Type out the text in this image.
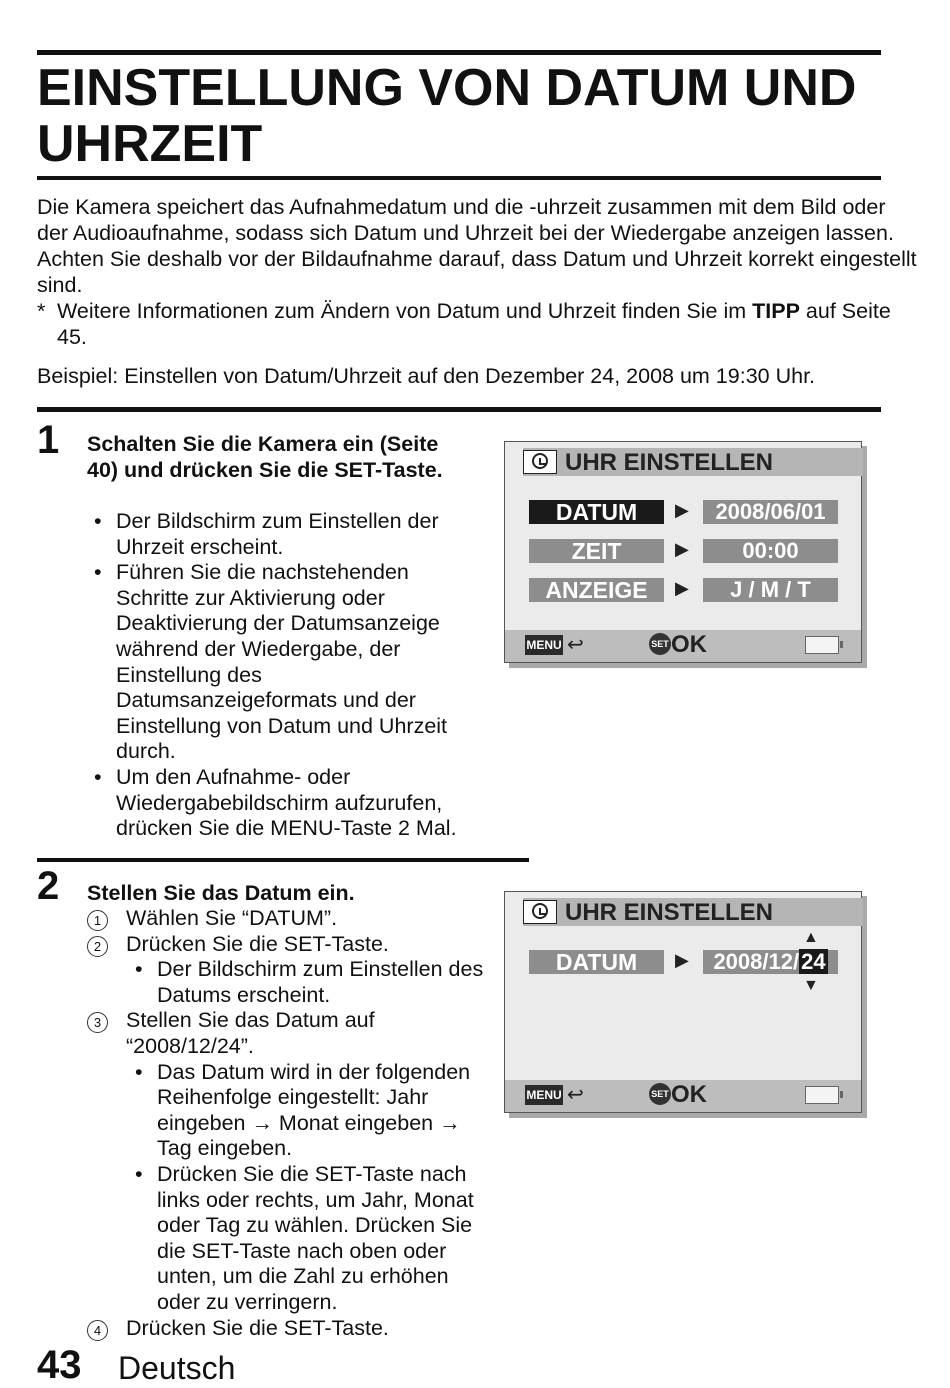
EINSTELLUNG VON DATUM UND UHRZEIT

Die Kamera speichert das Aufnahmedatum und die -uhrzeit zusammen mit dem Bild oder der Audioaufnahme, sodass sich Datum und Uhrzeit bei der Wiedergabe anzeigen lassen. Achten Sie deshalb vor der Bildaufnahme darauf, dass Datum und Uhrzeit korrekt eingestellt sind.

* Weitere Informationen zum Ändern von Datum und Uhrzeit finden Sie im TIPP auf Seite 45.
Beispiel: Einstellen von Datum/Uhrzeit auf den Dezember 24, 2008 um 19:30 Uhr.
1 Schalten Sie die Kamera ein (Seite 40) und drücken Sie die SET-Taste.
• Der Bildschirm zum Einstellen der Uhrzeit erscheint.
• Führen Sie die nachstehenden Schritte zur Aktivierung oder Deaktivierung der Datumsanzeige während der Wiedergabe, der Einstellung des Datumsanzeigeformats und der Einstellung von Datum und Uhrzeit durch.
• Um den Aufnahme- oder Wiedergabebildschirm aufzurufen, drücken Sie die MENU-Taste 2 Mal.
UHR EINSTELLEN
DATUM	▶	2008/06/01
ZEIT	▶	00:00
ANZEIGE	▶	J / M / T
MENU ↩	SET OK
2 Stellen Sie das Datum ein.
1	Wählen Sie “DATUM”.
2	Drücken Sie die SET-Taste.
• Der Bildschirm zum Einstellen des Datums erscheint.
3	Stellen Sie das Datum auf “2008/12/24”.
• Das Datum wird in der folgenden Reihenfolge eingestellt: Jahr eingeben → Monat eingeben → Tag eingeben.
• Drücken Sie die SET-Taste nach links oder rechts, um Jahr, Monat oder Tag zu wählen. Drücken Sie die SET-Taste nach oben oder unten, um die Zahl zu erhöhen oder zu verringern.
4	Drücken Sie die SET-Taste.
UHR EINSTELLEN
▲
DATUM	▶	2008/12/24
▼
MENU ↩	SET OK
43 Deutsch
